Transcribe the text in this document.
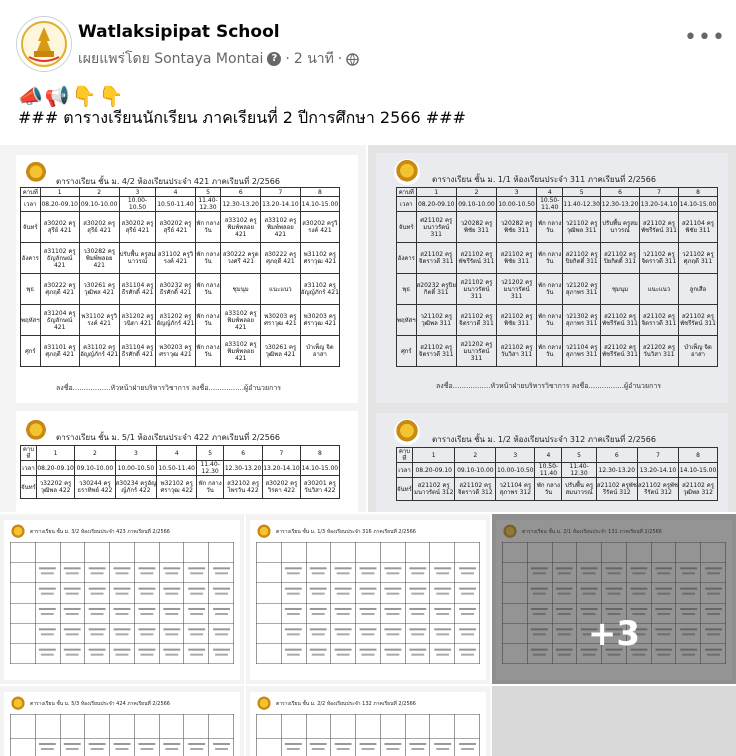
Watlaksipipat School
เผยแพร่โดย Sontaya Montai ? · 2 นาที ·
•••
📣 📢 👇 👇
### ตารางเรียนนักเรียน ภาคเรียนที่ 2 ปีการศึกษา 2566 ###
ตารางเรียน ชั้น ม. 4/2 ห้องเรียนประจำ 421 ภาคเรียนที่ 2/2566
คาบที่	1	2	3	4	5	6	7	8
เวลา	08.20-09.10	09.10-10.00	10.00-10.50	10.50-11.40	11.40-12.30	12.30-13.20	13.20-14.10	14.10-15.00
จันทร์	ส30202 ครูสุรีย์ 421	ส30202 ครูสุรีย์ 421	ส30202 ครูสุรีย์ 421	ส30202 ครูสุรีย์ 421	พัก กลางวัน	ส33102 ครูพิมพ์พลอย 421	ส33102 ครูพิมพ์พลอย 421	ส30202 ครูวิรงค์ 421
อังคาร	ส31102 ครูธัญลักษณ์ 421	ว30282 ครูพิมพ์พลอย 421	ปรับพื้น ครูสมนาวรณ์	ส31102 ครูวิรงค์ 421	พัก กลางวัน	ส30222 ครูดวงศรี 421	ส30222 ครูศุภฤดี 421	พ31102 ครูศราวุฒ 421
พุธ	ส30222 ครูศุภฤดี 421	ว30261 ครูวุฒิพล 421	ส31104 ครูธีรศักดิ์ 421	ส30232 ครูธีรศักดิ์ 421	พัก กลางวัน	ชุมนุม	แนะแนว	ส31102 ครูอัญญ์ภักร์ 421
พฤหัสฯ	ส31204 ครูธัญลักษณ์ 421	พ31102 ครูวิรงค์ 421	ส31202 ครูวนิดา 421	ส31202 ครูอัญญ์ภักร์ 421	พัก กลางวัน	อ33102 ครูพิมพ์พลอย 421	พ30203 ครูศราวุฒ 421	พ30203 ครูศราวุฒ 421
ศุกร์	ส31101 ครูศุภฤดี 421	ค31102 ครูอัญญ์ภักร์ 421	ส31104 ครูธีรศักดิ์ 421	พ30203 ครูศราวุฒ 421	พัก กลางวัน	อ33102 ครูพิมพ์พลอย 421	ว30261 ครูวุฒิพล 421	บำเพ็ญ จิตอาสา
ลงชื่อ.................หัวหน้าฝ่ายบริหารวิชาการ ลงชื่อ................ผู้อำนวยการ
ตารางเรียน ชั้น ม. 5/1 ห้องเรียนประจำ 422 ภาคเรียนที่ 2/2566
คาบที่	1	2	3	4	5	6	7	8
เวลา	08.20-09.10	09.10-10.00	10.00-10.50	10.50-11.40	11.40-12.30	12.30-13.20	13.20-14.10	14.10-15.00
จันทร์	ว32202 ครูวุฒิพล 422	ว30244 ครูธราทิพย์ 422	ส30234 ครูอัญญ์ภักร์ 422	พ32102 ครูศราวุฒ 422	พัก กลางวัน	ส32102 ครูไพรวัน 422	ส30202 ครูวิรดา 422	ส30201 ครูวันวิสา 422
ตารางเรียน ชั้น ม. 1/1 ห้องเรียนประจำ 311 ภาคเรียนที่ 2/2566
คาบที่	1	2	3	4	5	6	7	8
เวลา	08.20-09.10	09.10-10.00	10.00-10.50	10.50-11.40	11.40-12.30	12.30-13.20	13.20-14.10	14.10-15.00
จันทร์	ศ21102 ครูมนาวรัตน์ 311	ว20282 ครูพิชัย 311	ว20282 ครูพิชัย 311	พัก กลางวัน	ว21102 ครูวุฒิพล 311	ปรับพื้น ครูสมนาวรณ์	ส21102 ครูพัชรีรัตน์ 311	ส21104 ครูพิชัย 311
อังคาร	ส21102 ครูจิตราวดี 311	ส21102 ครูพัชรีรัตน์ 311	ส21102 ครูพิชัย 311	พัก กลางวัน	ส21102 ครูปิยกิตติ์ 311	ส21102 ครูปิยกิตติ์ 311	ว21102 ครูจิตราวดี 311	ว21102 ครูศุภฤดี 311
พุธ	ส20232 ครูปิยกิตติ์ 311	ส21102 ครูมนาวรัตน์ 311	ว21202 ครูมนาวรัตน์ 311	พัก กลางวัน	ว21202 ครูสุภาพร 311	ชุมนุม	แนะแนว	ลูกเสือ
พฤหัสฯ	ว21102 ครูวุฒิพล 311	ส21102 ครูจิตราวดี 311	ส21102 ครูพิชัย 311	พัก กลางวัน	ว21302 ครูสุภาพร 311	ส21102 ครูพัชรีรัตน์ 311	ส21102 ครูจิตราวดี 311	ส21102 ครูพัชรีรัตน์ 311
ศุกร์	ส21102 ครูจิตราวดี 311	ส21202 ครูมนาวรัตน์ 311	ส21102 ครูวันวิสา 311	พัก กลางวัน	ว21104 ครูสุภาพร 311	ส21102 ครูพัชรีรัตน์ 311	ส21202 ครูวันวิสา 311	บำเพ็ญ จิตอาสา
ลงชื่อ.................หัวหน้าฝ่ายบริหารวิชาการ ลงชื่อ................ผู้อำนวยการ
ตารางเรียน ชั้น ม. 1/2 ห้องเรียนประจำ 312 ภาคเรียนที่ 2/2566
คาบที่	1	2	3	4	5	6	7	8
เวลา	08.20-09.10	09.10-10.00	10.00-10.50	10.50-11.40	11.40-12.30	12.30-13.20	13.20-14.10	14.10-15.00
จันทร์	ส21102 ครูมนาวรัตน์ 312	ส21102 ครูจิตราวดี 312	ว21104 ครูสุภาพร 312	พัก กลางวัน	ปรับพื้น ครูสมนาวรณ์	ส21102 ครูพัชรีรัตน์ 312	ส21102 ครูพัชรีรัตน์ 312	ส21102 ครูวุฒิพล 312
ตารางเรียน ชั้น ม. 3/2 ห้องเรียนประจำ 423 ภาคเรียนที่ 2/2566	ตารางเรียน ชั้น ม. 1/3 ห้องเรียนประจำ 316 ภาคเรียนที่ 2/2566
+3
ตารางเรียน ชั้น ม. 5/3 ห้องเรียนประจำ 424 ภาคเรียนที่ 2/2566	ตารางเรียน ชั้น ม. 2/2 ห้องเรียนประจำ 132 ภาคเรียนที่ 2/2566
